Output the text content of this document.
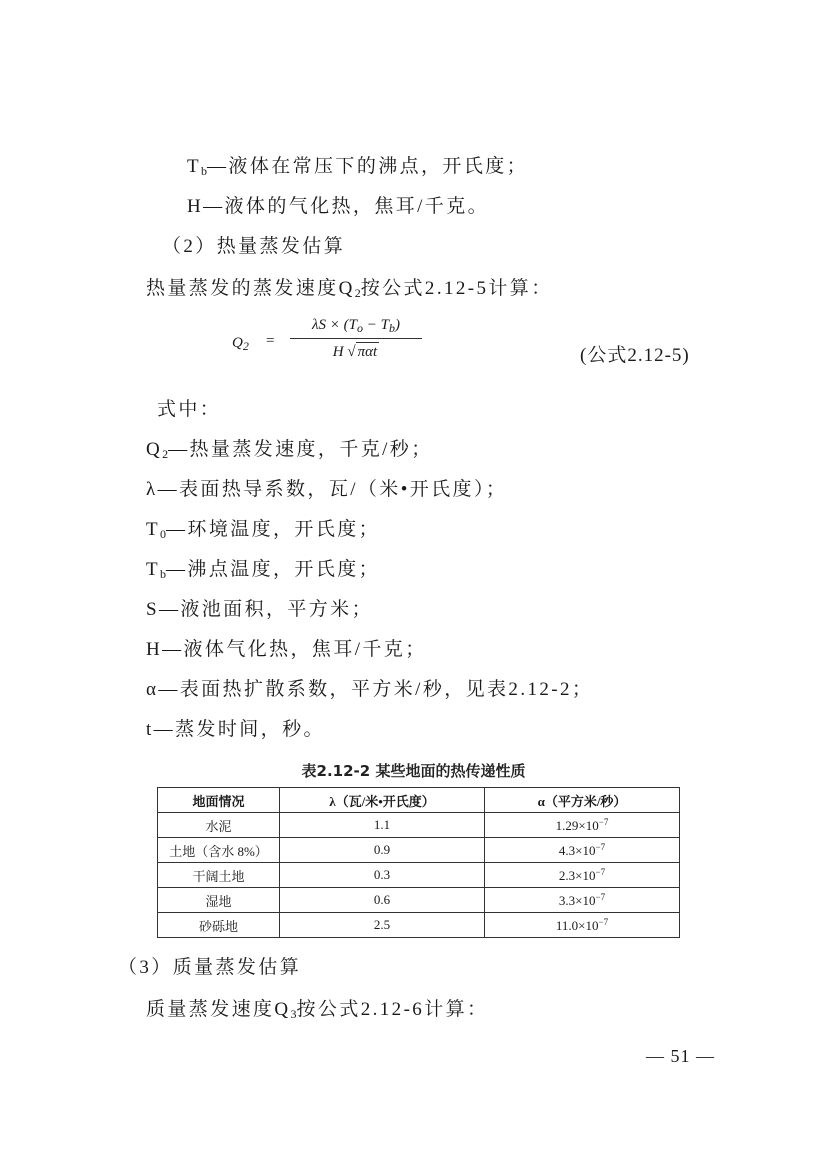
$T_b—$液体在常压下的沸点，开氏度；
H—液体的气化热，焦耳/千克。
（2）热量蒸发估算
热量蒸发的蒸发速度$Q_2$按公式2.12-5计算：
$Q_2$ =
$\lambda S \times (T_o - T_b)$
H √ παt	(公式2.12-5)
式中：
$Q_2—$热量蒸发速度，千克/秒；
λ—表面热导系数，瓦/（米•开氏度）；
$T_0—$环境温度，开氏度；
$T_b—$沸点温度，开氏度；
S—液池面积，平方米；
H—液体气化热，焦耳/千克；
α—表面热扩散系数，平方米/秒，见表2.12-2；
t—蒸发时间，秒。
表2.12-2 某些地面的热传递性质
地面情况	λ（瓦/米•开氏度）	α（平方米/秒）
水泥	1.1	$1.29\times 10^{-7}$
土地（含水 8%）	0.9	$4.3\times 10^{-7}$
干阔土地	0.3	$2.3\times 10^{-7}$
湿地	0.6	$3.3\times 10^{-7}$
砂砾地	2.5	$11.0\times 10^{-7}$
（3）质量蒸发估算
质量蒸发速度$Q_3$按公式2.12-6计算：
— 51 —
